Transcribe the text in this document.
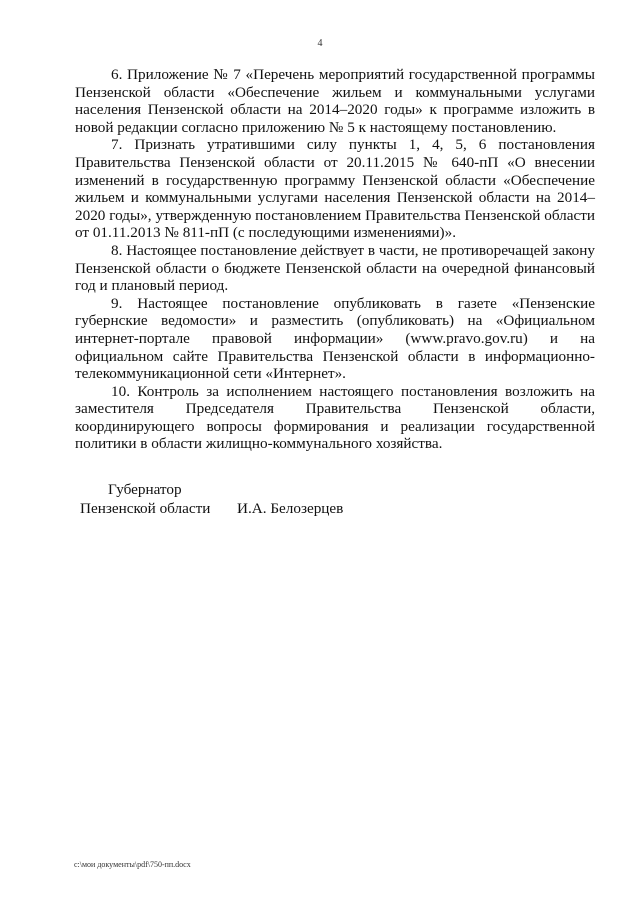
4

6. Приложение № 7 «Перечень мероприятий государственной программы Пензенской области «Обеспечение жильем и коммунальными услугами населения Пензенской области на 2014–2020 годы» к программе изложить в новой редакции согласно приложению № 5 к настоящему постановлению.

7. Признать утратившими силу пункты 1, 4, 5, 6 постановления Правительства Пензенской области от 20.11.2015 № 640-пП «О внесении изменений в государственную программу Пензенской области «Обеспечение жильем и коммунальными услугами населения Пензенской области на 2014–2020 годы», утвержденную постановлением Правительства Пензенской области от 01.11.2013 № 811-пП (с последующими изменениями)».

8. Настоящее постановление действует в части, не противоречащей закону Пензенской области о бюджете Пензенской области на очередной финансовый год и плановый период.

9. Настоящее постановление опубликовать в газете «Пензенские губернские ведомости» и разместить (опубликовать) на «Официальном интернет-портале правовой информации» (www.pravo.gov.ru) и на официальном сайте Правительства Пензенской области в информационно-телекоммуникационной сети «Интернет».

10. Контроль за исполнением настоящего постановления возложить на заместителя Председателя Правительства Пензенской области, координирующего вопросы формирования и реализации государственной политики в области жилищно-коммунального хозяйства.

Губернатор
Пензенской области И.А. Белозерцев
c:\мои документы\pdf\750-пп.docx
